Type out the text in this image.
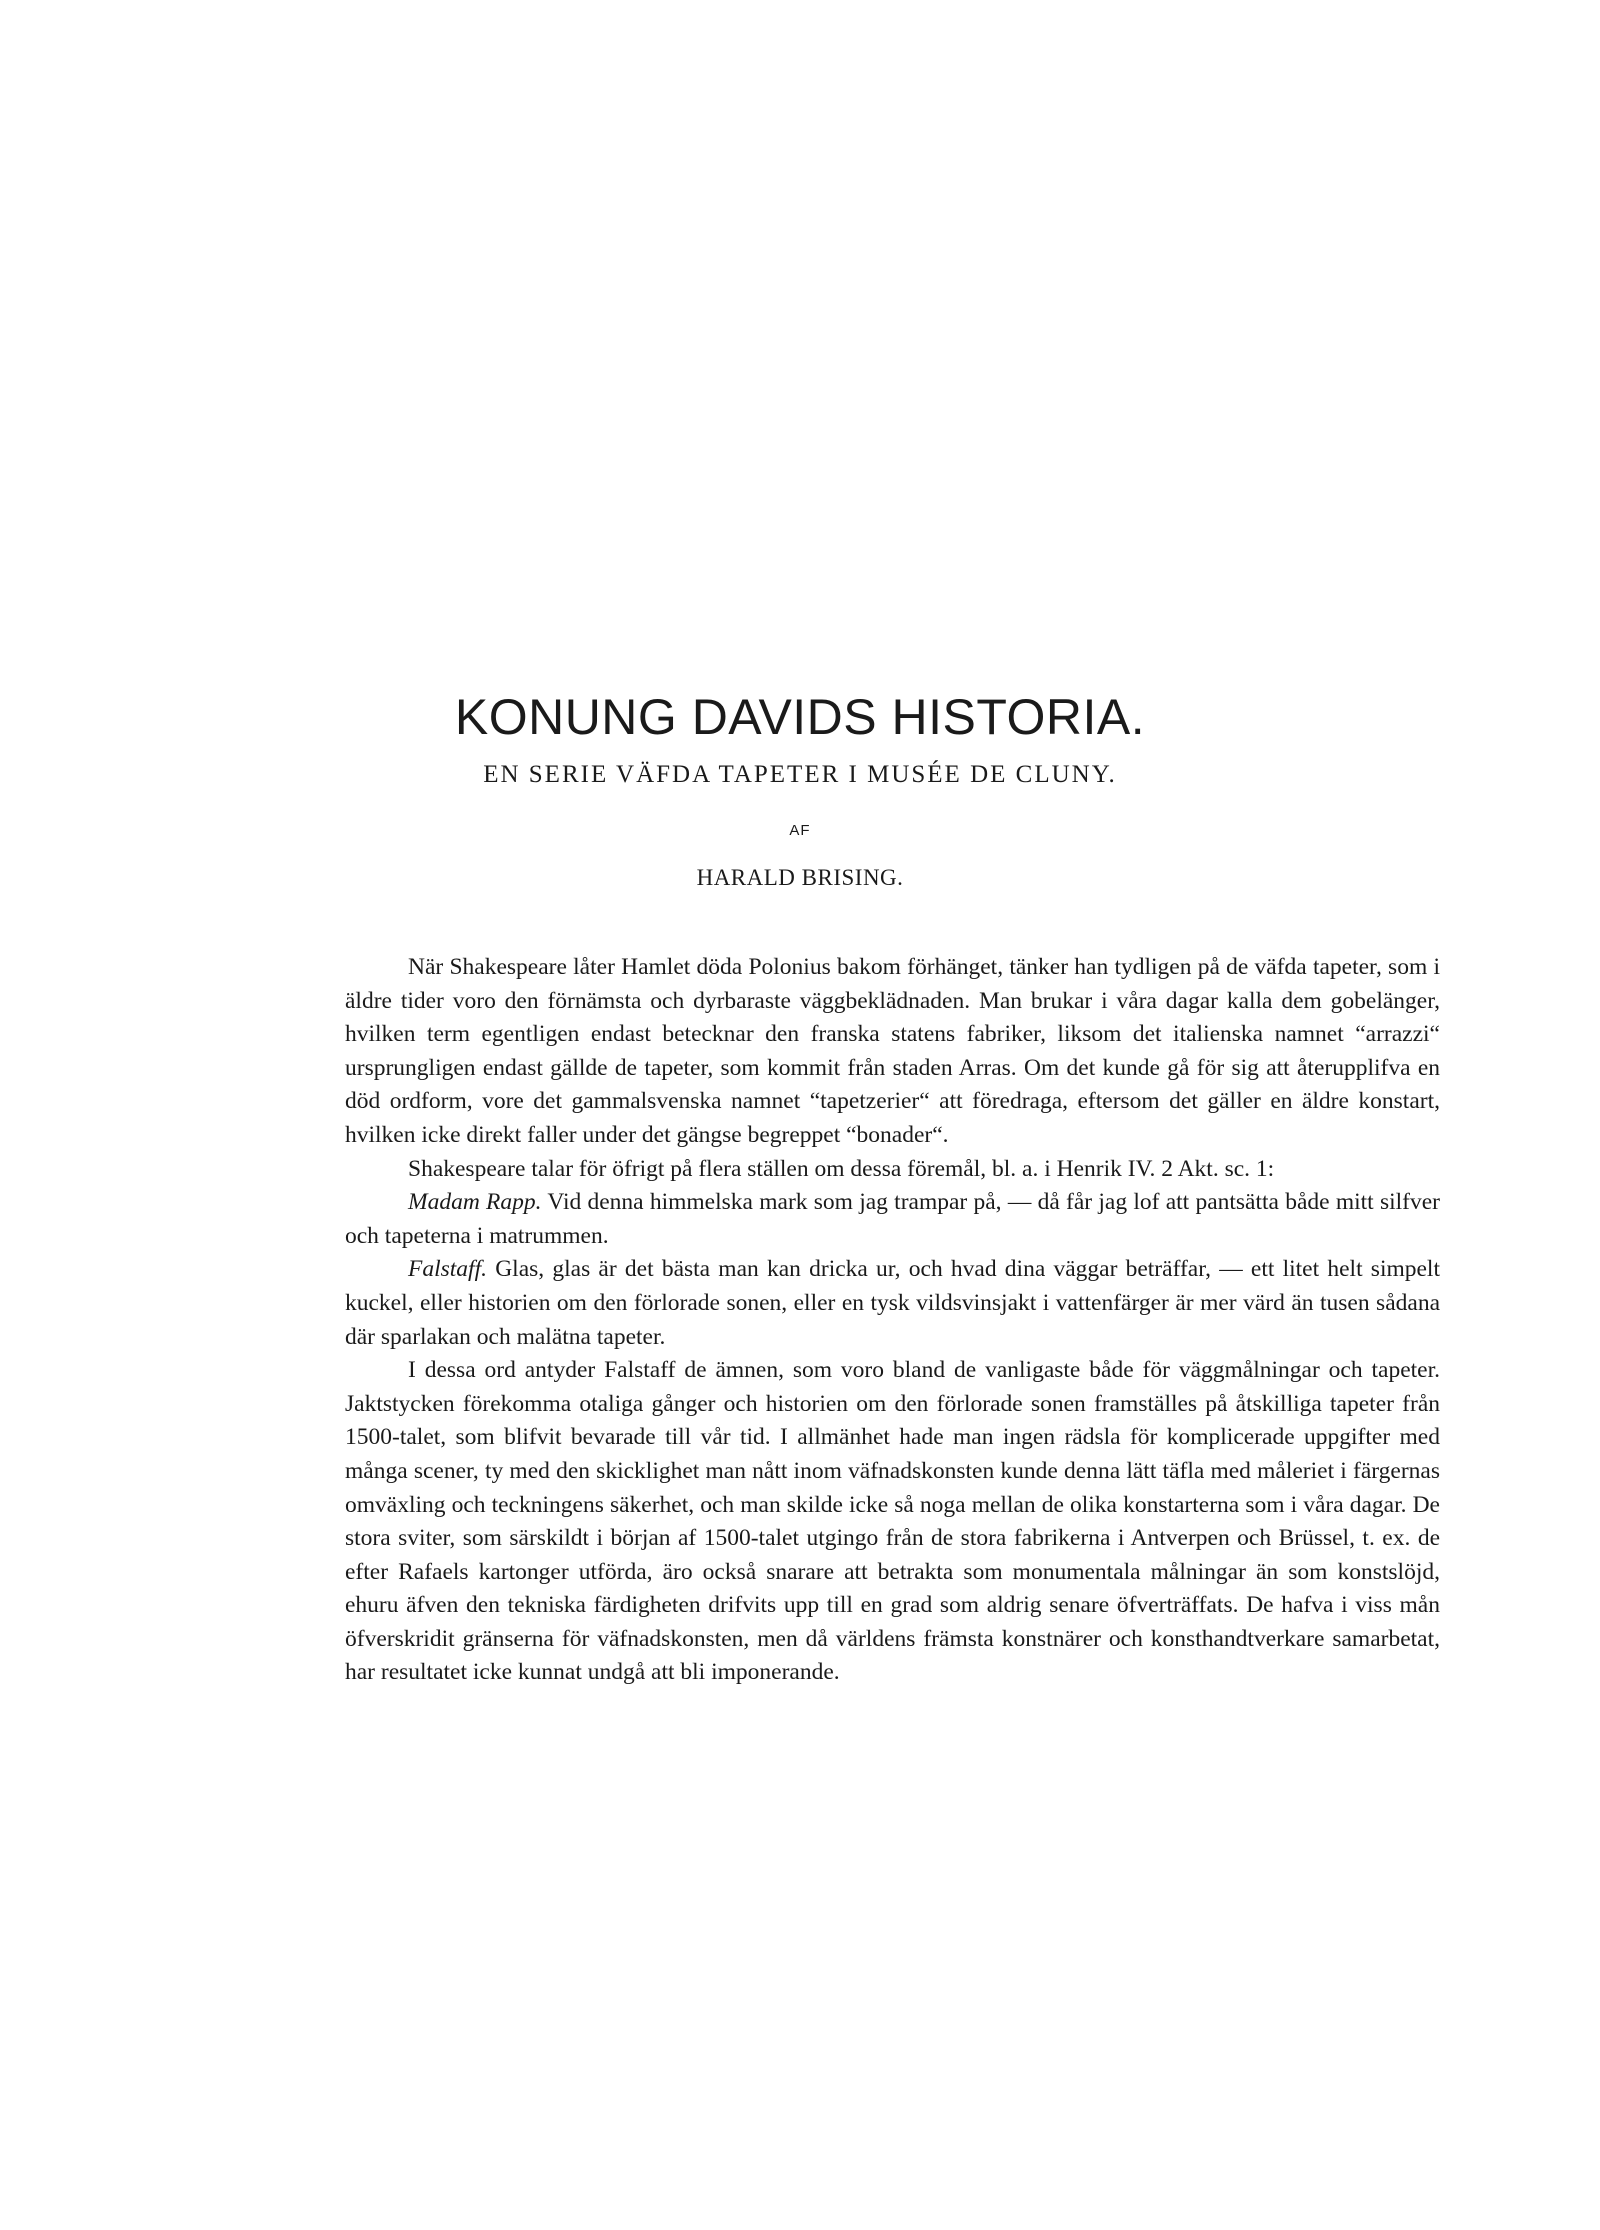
KONUNG DAVIDS HISTORIA.
EN SERIE VÄFDA TAPETER I MUSÉE DE CLUNY.
AF
HARALD BRISING.

När Shakespeare låter Hamlet döda Polonius bakom förhänget, tänker han tydligen på de väfda tapeter, som i äldre tider voro den förnämsta och dyrbaraste väggbeklädnaden. Man brukar i våra dagar kalla dem gobelänger, hvilken term egentligen endast betecknar den franska statens fabriker, liksom det italienska namnet “arrazzi“ ursprungligen endast gällde de tapeter, som kommit från staden Arras. Om det kunde gå för sig att återupplifva en död ordform, vore det gammalsvenska namnet “tapetzerier“ att föredraga, eftersom det gäller en äldre konstart, hvilken icke direkt faller under det gängse begreppet “bonader“.

Shakespeare talar för öfrigt på flera ställen om dessa föremål, bl. a. i Henrik IV. 2 Akt. sc. 1:

Madam Rapp. Vid denna himmelska mark som jag trampar på, — då får jag lof att pantsätta både mitt silfver och tapeterna i matrummen.

Falstaff. Glas, glas är det bästa man kan dricka ur, och hvad dina väggar beträffar, — ett litet helt simpelt kuckel, eller historien om den förlorade sonen, eller en tysk vildsvinsjakt i vattenfärger är mer värd än tusen sådana där sparlakan och malätna tapeter.

I dessa ord antyder Falstaff de ämnen, som voro bland de vanligaste både för väggmålningar och tapeter. Jaktstycken förekomma otaliga gånger och historien om den förlorade sonen framställes på åtskilliga tapeter från 1500-talet, som blifvit bevarade till vår tid. I allmänhet hade man ingen rädsla för komplicerade uppgifter med många scener, ty med den skicklighet man nått inom väfnadskonsten kunde denna lätt täfla med måleriet i färgernas omväxling och teckningens säkerhet, och man skilde icke så noga mellan de olika konstarterna som i våra dagar. De stora sviter, som särskildt i början af 1500-talet utgingo från de stora fabrikerna i Antverpen och Brüssel, t. ex. de efter Rafaels kartonger utförda, äro också snarare att betrakta som monumentala målningar än som konstslöjd, ehuru äfven den tekniska färdigheten drifvits upp till en grad som aldrig senare öfverträffats. De hafva i viss mån öfverskridit gränserna för väfnadskonsten, men då världens främsta konstnärer och konsthandtverkare samarbetat, har resultatet icke kunnat undgå att bli imponerande.
